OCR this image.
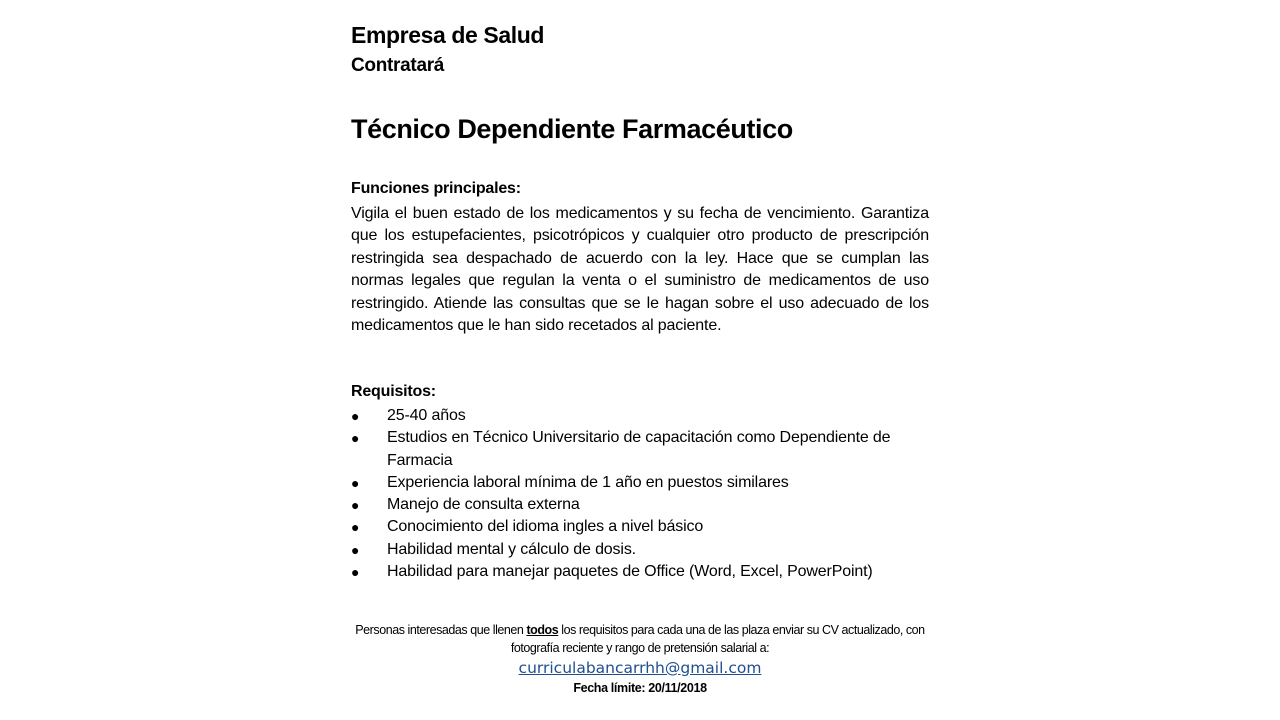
Empresa de Salud
Contratará
Técnico Dependiente Farmacéutico
Funciones principales:
Vigila el buen estado de los medicamentos y su fecha de vencimiento. Garantiza que los estupefacientes, psicotrópicos y cualquier otro producto de prescripción restringida sea despachado de acuerdo con la ley. Hace que se cumplan las normas legales que regulan la venta o el suministro de medicamentos de uso restringido. Atiende las consultas que se le hagan sobre el uso adecuado de los medicamentos que le han sido recetados al paciente.
Requisitos:
● 25-40 años
● Estudios en Técnico Universitario de capacitación como Dependiente de Farmacia
● Experiencia laboral mínima de 1 año en puestos similares
● Manejo de consulta externa
● Conocimiento del idioma ingles a nivel básico
● Habilidad mental y cálculo de dosis.
● Habilidad para manejar paquetes de Office (Word, Excel, PowerPoint)
Personas interesadas que llenen todos los requisitos para cada una de las plaza enviar su CV actualizado, con fotografía reciente y rango de pretensión salarial a:
curriculabancarrhh@gmail.com
Fecha límite: 20/11/2018
